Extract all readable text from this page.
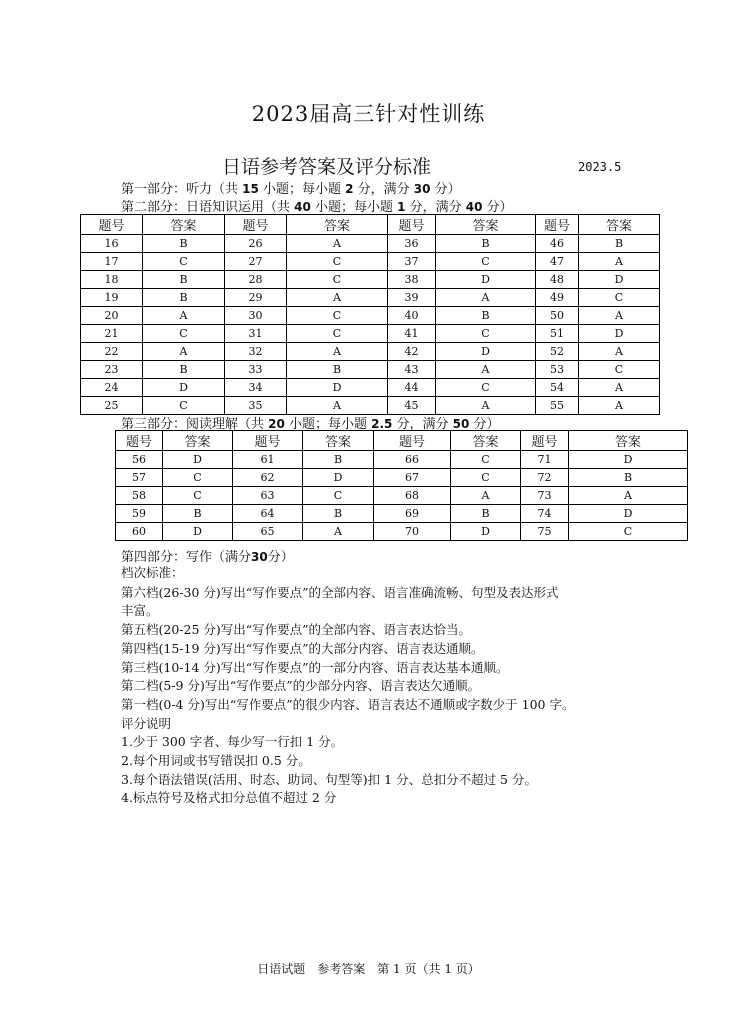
2023届高三针对性训练
日语参考答案及评分标准	2023.5
第一部分：听力（共 15 小题；每小题 2 分，满分 30 分）
第二部分：日语知识运用（共 40 小题；每小题 1 分，满分 40 分）
题号	答案	题号	答案	题号	答案	题号	答案
16	B	26	A	36	B	46	B
17	C	27	C	37	C	47	A
18	B	28	C	38	D	48	D
19	B	29	A	39	A	49	C
20	A	30	C	40	B	50	A
21	C	31	C	41	C	51	D
22	A	32	A	42	D	52	A
23	B	33	B	43	A	53	C
24	D	34	D	44	C	54	A
25	C	35	A	45	A	55	A
第三部分：阅读理解（共 20 小题；每小题 2.5 分，满分 50 分）
题号	答案	题号	答案	题号	答案	题号	答案
56	D	61	B	66	C	71	D
57	C	62	D	67	C	72	B
58	C	63	C	68	A	73	A
59	B	64	B	69	B	74	D
60	D	65	A	70	D	75	C
第四部分：写作（满分30分）
档次标准：
第六档(26-30 分)写出“写作要点”的全部内容、语言准确流畅、句型及表达形式
丰富。
第五档(20-25 分)写出“写作要点”的全部内容、语言表达恰当。
第四档(15-19 分)写出“写作要点”的大部分内容、语言表达通顺。
第三档(10-14 分)写出“写作要点”的一部分内容、语言表达基本通顺。
第二档(5-9 分)写出“写作要点”的少部分内容、语言表达欠通顺。
第一档(0-4 分)写出“写作要点”的很少内容、语言表达不通顺或字数少于 100 字。
评分说明
1.少于 300 字者、每少写一行扣 1 分。
2.每个用词或书写错误扣 0.5 分。
3.每个语法错误(活用、时态、助词、句型等)扣 1 分、总扣分不超过 5 分。
4.标点符号及格式扣分总值不超过 2 分
日语试题　参考答案　第 1 页（共 1 页）
